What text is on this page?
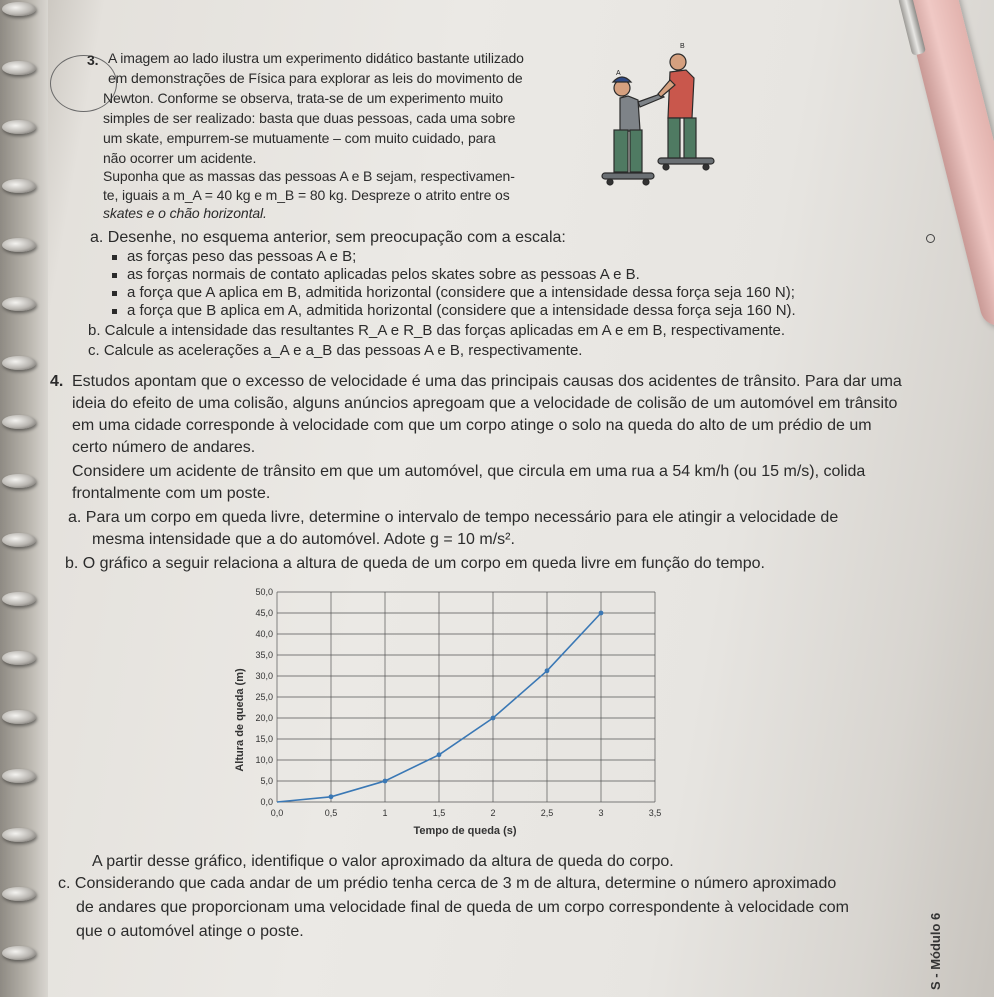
3. A imagem ao lado ilustra um experimento didático bastante utilizado
em demonstrações de Física para explorar as leis do movimento de
Newton. Conforme se observa, trata-se de um experimento muito
simples de ser realizado: basta que duas pessoas, cada uma sobre
um skate, empurrem-se mutuamente – com muito cuidado, para
não ocorrer um acidente.
Suponha que as massas das pessoas A e B sejam, respectivamen-
te, iguais a m_A = 40 kg e m_B = 80 kg. Despreze o atrito entre os
skates e o chão horizontal.
A
B
a. Desenhe, no esquema anterior, sem preocupação com a escala:
as forças peso das pessoas A e B;
as forças normais de contato aplicadas pelos skates sobre as pessoas A e B.
a força que A aplica em B, admitida horizontal (considere que a intensidade dessa força seja 160 N);
a força que B aplica em A, admitida horizontal (considere que a intensidade dessa força seja 160 N).
b. Calcule a intensidade das resultantes R_A e R_B das forças aplicadas em A e em B, respectivamente.
c. Calcule as acelerações a_A e a_B das pessoas A e B, respectivamente.
4. Estudos apontam que o excesso de velocidade é uma das principais causas dos acidentes de trânsito. Para dar uma
ideia do efeito de uma colisão, alguns anúncios apregoam que a velocidade de colisão de um automóvel em trânsito
em uma cidade corresponde à velocidade com que um corpo atinge o solo na queda do alto de um prédio de um
certo número de andares.
Considere um acidente de trânsito em que um automóvel, que circula em uma rua a 54 km/h (ou 15 m/s), colida
frontalmente com um poste.
a. Para um corpo em queda livre, determine o intervalo de tempo necessário para ele atingir a velocidade de
mesma intensidade que a do automóvel. Adote g = 10 m/s².
b. O gráfico a seguir relaciona a altura de queda de um corpo em queda livre em função do tempo.
0,0
5,0
10,0
15,0
20,0
25,0
30,0
35,0
40,0
45,0
50,0
0,0	0,5	1	1,5	2	2,5	3	3,5
Altura de queda (m)
Tempo de queda (s)
A partir desse gráfico, identifique o valor aproximado da altura de queda do corpo.
c. Considerando que cada andar de um prédio tenha cerca de 3 m de altura, determine o número aproximado
de andares que proporcionam uma velocidade final de queda de um corpo correspondente à velocidade com
que o automóvel atinge o poste.	S - Módulo 6
